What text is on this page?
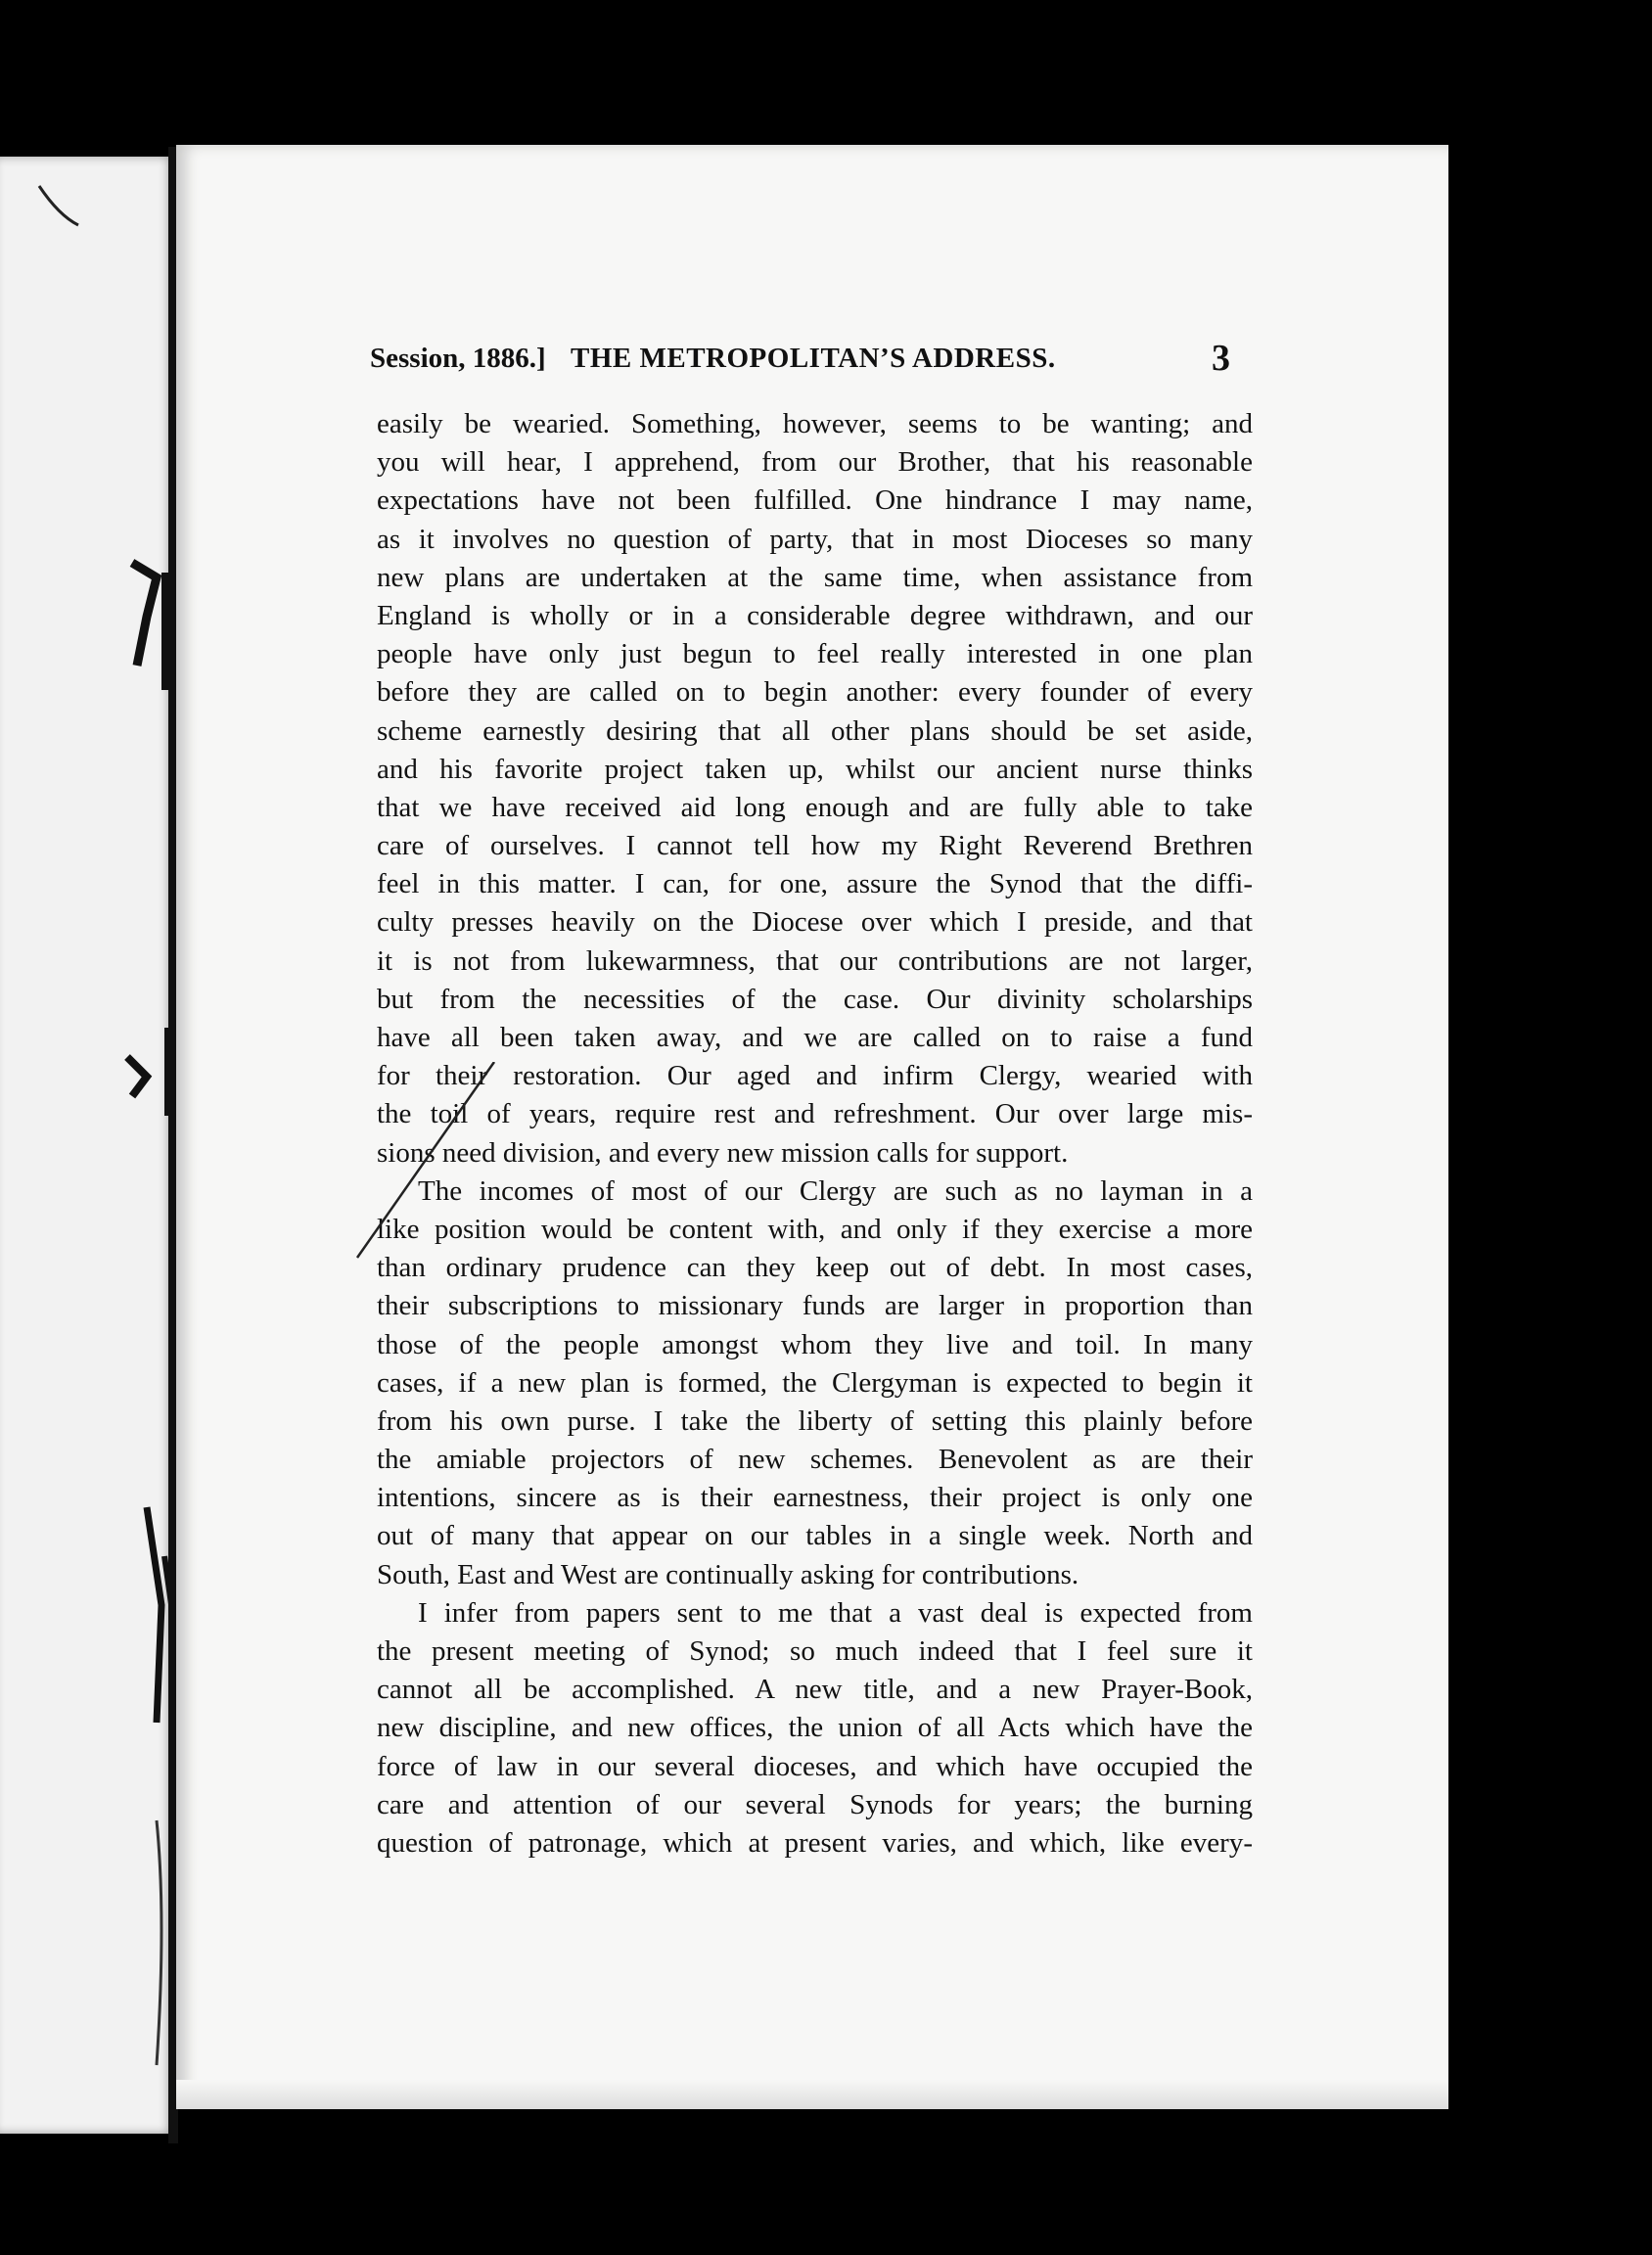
Session, 1886.] THE METROPOLITAN’S ADDRESS.	3
easily be wearied. Something, however, seems to be wanting; and
you will hear, I apprehend, from our Brother, that his reasonable
expectations have not been fulfilled. One hindrance I may name,
as it involves no question of party, that in most Dioceses so many
new plans are undertaken at the same time, when assistance from
England is wholly or in a considerable degree withdrawn, and our
people have only just begun to feel really interested in one plan
before they are called on to begin another: every founder of every
scheme earnestly desiring that all other plans should be set aside,
and his favorite project taken up, whilst our ancient nurse thinks
that we have received aid long enough and are fully able to take
care of ourselves. I cannot tell how my Right Reverend Brethren
feel in this matter. I can, for one, assure the Synod that the diffi-
culty presses heavily on the Diocese over which I preside, and that
it is not from lukewarmness, that our contributions are not larger,
but from the necessities of the case. Our divinity scholarships
have all been taken away, and we are called on to raise a fund
for their restoration. Our aged and infirm Clergy, wearied with
the toil of years, require rest and refreshment. Our over large mis-
sions need division, and every new mission calls for support.
The incomes of most of our Clergy are such as no layman in a
like position would be content with, and only if they exercise a more
than ordinary prudence can they keep out of debt. In most cases,
their subscriptions to missionary funds are larger in proportion than
those of the people amongst whom they live and toil. In many
cases, if a new plan is formed, the Clergyman is expected to begin it
from his own purse. I take the liberty of setting this plainly before
the amiable projectors of new schemes. Benevolent as are their
intentions, sincere as is their earnestness, their project is only one
out of many that appear on our tables in a single week. North and
South, East and West are continually asking for contributions.
I infer from papers sent to me that a vast deal is expected from
the present meeting of Synod; so much indeed that I feel sure it
cannot all be accomplished. A new title, and a new Prayer-Book,
new discipline, and new offices, the union of all Acts which have the
force of law in our several dioceses, and which have occupied the
care and attention of our several Synods for years; the burning
question of patronage, which at present varies, and which, like every-
